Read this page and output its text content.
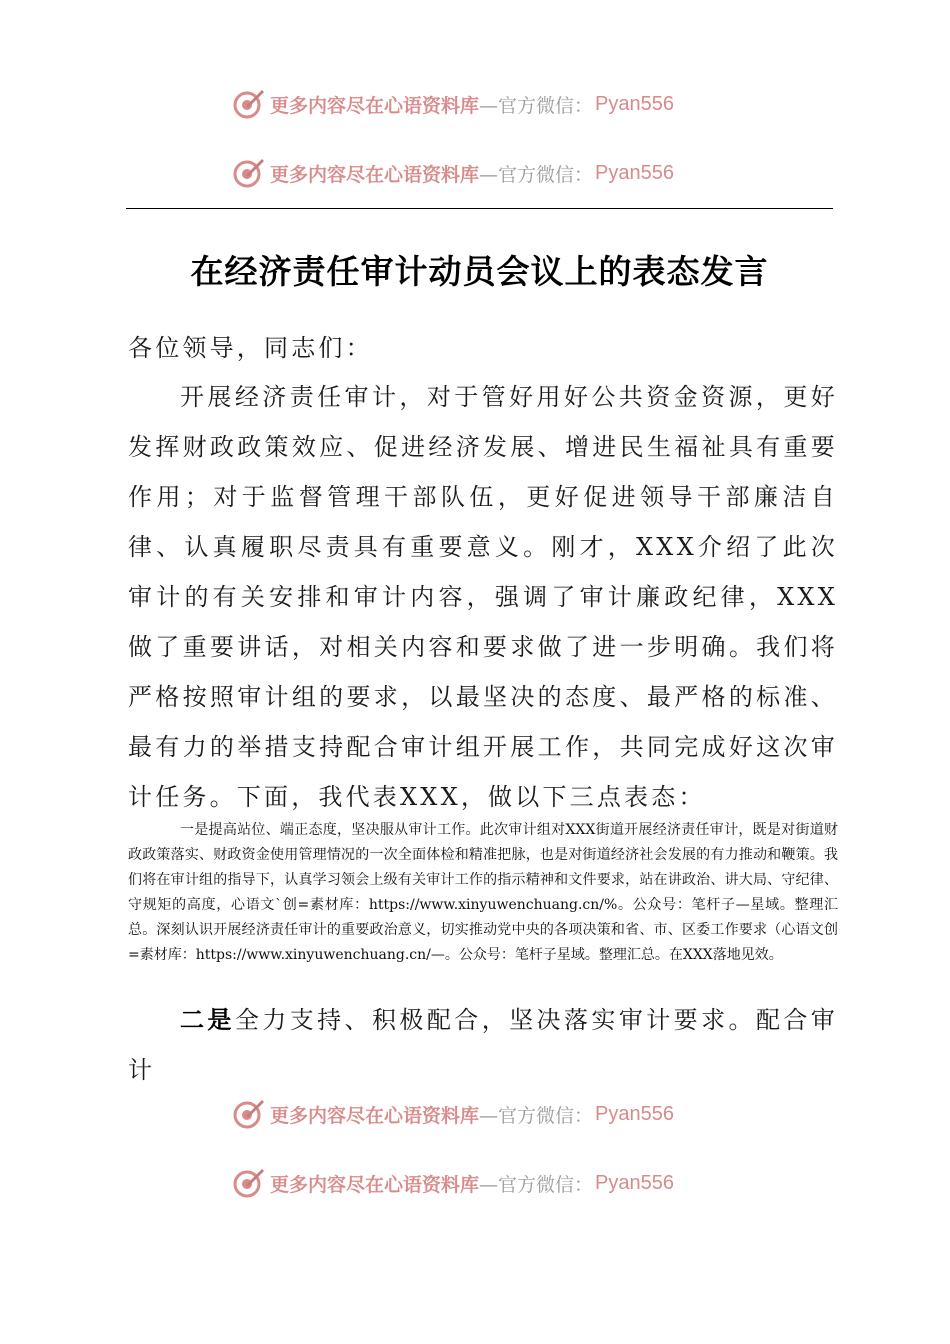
更多内容尽在心语资料库 —官方微信： Pyan556
更多内容尽在心语资料库 —官方微信： Pyan556
在经济责任审计动员会议上的表态发言
各位领导，同志们：
开展经济责任审计，对于管好用好公共资金资源，更好发挥财政政策效应、促进经济发展、增进民生福祉具有重要作用；对于监督管理干部队伍，更好促进领导干部廉洁自律、认真履职尽责具有重要意义。刚才，XXX介绍了此次审计的有关安排和审计内容，强调了审计廉政纪律，XXX做了重要讲话，对相关内容和要求做了进一步明确。我们将严格按照审计组的要求，以最坚决的态度、最严格的标准、最有力的举措支持配合审计组开展工作，共同完成好这次审计任务。下面，我代表XXX，做以下三点表态：
一是提高站位、端正态度，坚决服从审计工作。此次审计组对XXX街道开展经济责任审计，既是对街道财政政策落实、财政资金使用管理情况的一次全面体检和精准把脉，也是对街道经济社会发展的有力推动和鞭策。我们将在审计组的指导下，认真学习领会上级有关审计工作的指示精神和文件要求，站在讲政治、讲大局、守纪律、守规矩的高度，心语文`创=素材库：https://www.xinyuwenchuang.cn/%。公众号：笔杆子—星域。整理汇总。深刻认识开展经济责任审计的重要政治意义，切实推动党中央的各项决策和省、市、区委工作要求（心语文创=素材库：https://www.xinyuwenchuang.cn/—。公众号：笔杆子星域。整理汇总。在XXX落地见效。
二是全力支持、积极配合，坚决落实审计要求。配合审计
更多内容尽在心语资料库 —官方微信： Pyan556
更多内容尽在心语资料库 —官方微信： Pyan556
